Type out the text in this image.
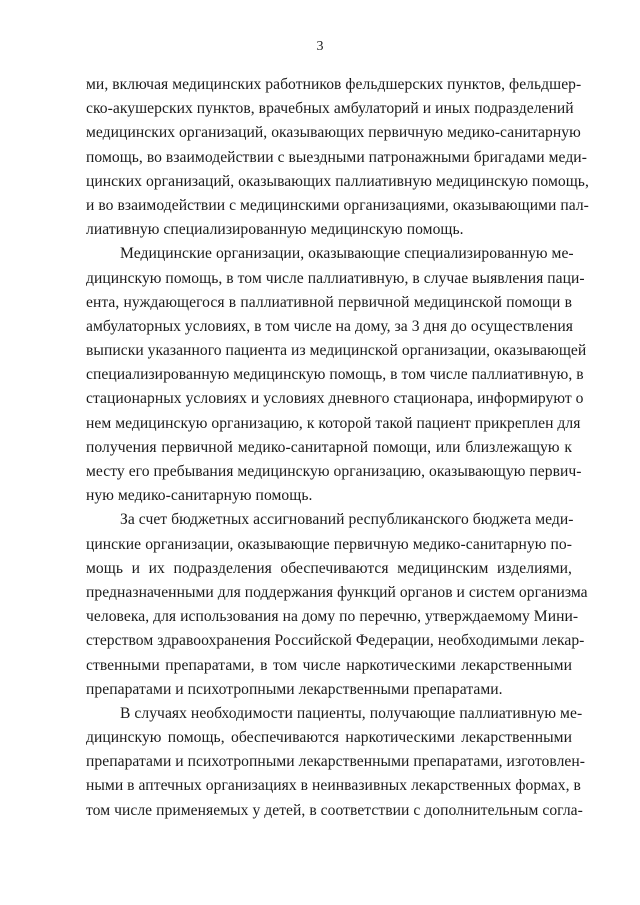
3
ми, включая медицинских работников фельдшерских пунктов, фельдшер-
ско-акушерских пунктов, врачебных амбулаторий и иных подразделений
медицинских организаций, оказывающих первичную медико-санитарную
помощь, во взаимодействии с выездными патронажными бригадами меди-
цинских организаций, оказывающих паллиативную медицинскую помощь,
и во взаимодействии с медицинскими организациями, оказывающими пал-
лиативную специализированную медицинскую помощь.
Медицинские организации, оказывающие специализированную ме-
дицинскую помощь, в том числе паллиативную, в случае выявления паци-
ента, нуждающегося в паллиативной первичной медицинской помощи в
амбулаторных условиях, в том числе на дому, за 3 дня до осуществления
выписки указанного пациента из медицинской организации, оказывающей
специализированную медицинскую помощь, в том числе паллиативную, в
стационарных условиях и условиях дневного стационара, информируют о
нем медицинскую организацию, к которой такой пациент прикреплен для
получения первичной медико-санитарной помощи, или близлежащую к
месту его пребывания медицинскую организацию, оказывающую первич-
ную медико-санитарную помощь.
За счет бюджетных ассигнований республиканского бюджета меди-
цинские организации, оказывающие первичную медико-санитарную по-
мощь и их подразделения обеспечиваются медицинским изделиями,
предназначенными для поддержания функций органов и систем организма
человека, для использования на дому по перечню, утверждаемому Мини-
стерством здравоохранения Российской Федерации, необходимыми лекар-
ственными препаратами, в том числе наркотическими лекарственными
препаратами и психотропными лекарственными препаратами.
В случаях необходимости пациенты, получающие паллиативную ме-
дицинскую помощь, обеспечиваются наркотическими лекарственными
препаратами и психотропными лекарственными препаратами, изготовлен-
ными в аптечных организациях в неинвазивных лекарственных формах, в
том числе применяемых у детей, в соответствии с дополнительным согла-
